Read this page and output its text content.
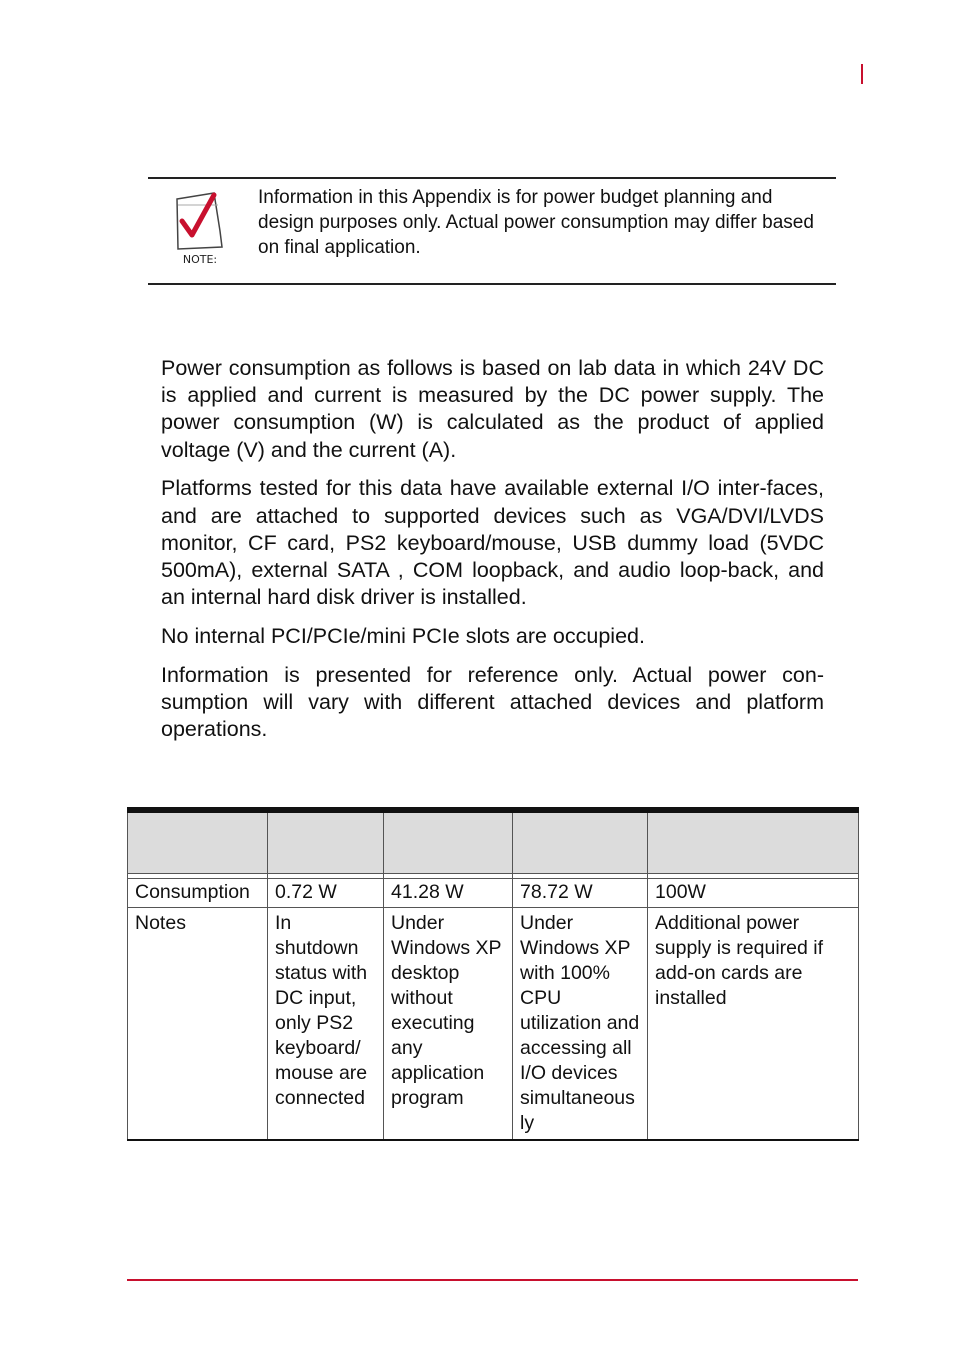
NOTE:
Information in this Appendix is for power budget planning and design purposes only. Actual power consumption may differ based on final application.

Power consumption as follows is based on lab data in which 24V DC is applied and current is measured by the DC power supply. The power consumption (W) is calculated as the product of applied voltage (V) and the current (A).

Platforms tested for this data have available external I/O inter-faces, and are attached to supported devices such as VGA/DVI/LVDS monitor, CF card, PS2 keyboard/mouse, USB dummy load (5VDC 500mA), external SATA , COM loopback, and audio loop-back, and an internal hard disk driver is installed.

No internal PCI/PCIe/mini PCIe slots are occupied.

Information is presented for reference only. Actual power con-sumption will vary with different attached devices and platform operations.

Consumption	0.72 W	41.28 W	78.72 W	100W
Notes	In shutdown status with DC input, only PS2 keyboard/ mouse are connected	Under Windows XP desktop without executing any application program	Under Windows XP with 100% CPU utilization and accessing all I/O devices simultaneous ly	Additional power supply is required if add-on cards are installed
